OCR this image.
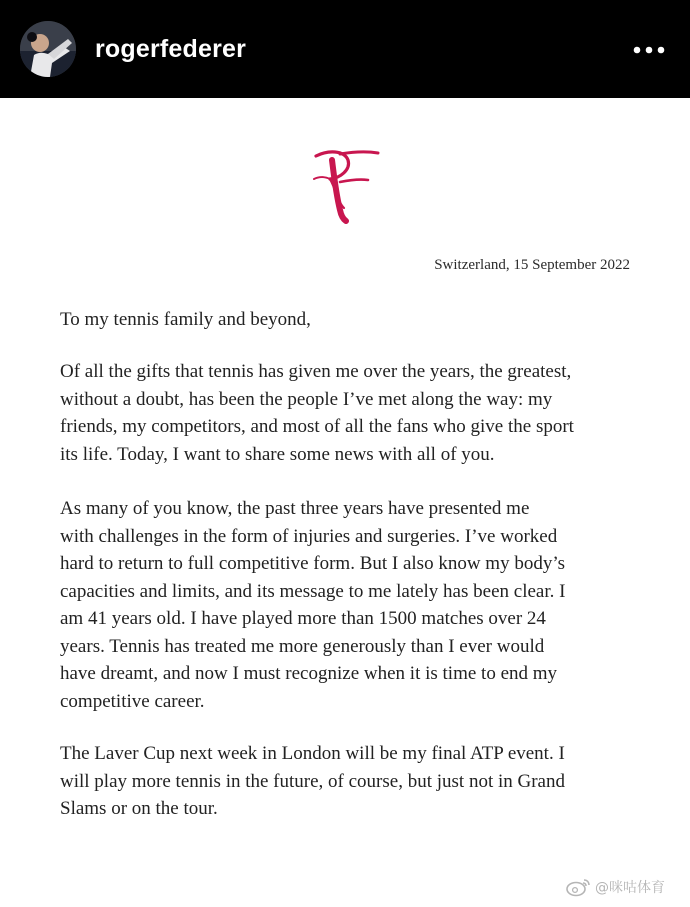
rogerfederer
Switzerland, 15 September 2022
To my tennis family and beyond,
Of all the gifts that tennis has given me over the years, the greatest,
without a doubt, has been the people I’ve met along the way: my
friends, my competitors, and most of all the fans who give the sport
its life. Today, I want to share some news with all of you.
As many of you know, the past three years have presented me
with challenges in the form of injuries and surgeries. I’ve worked
hard to return to full competitive form. But I also know my body’s
capacities and limits, and its message to me lately has been clear. I
am 41 years old. I have played more than 1500 matches over 24
years. Tennis has treated me more generously than I ever would
have dreamt, and now I must recognize when it is time to end my
competitive career.
The Laver Cup next week in London will be my final ATP event. I
will play more tennis in the future, of course, but just not in Grand
Slams or on the tour.
@咪咕体育
